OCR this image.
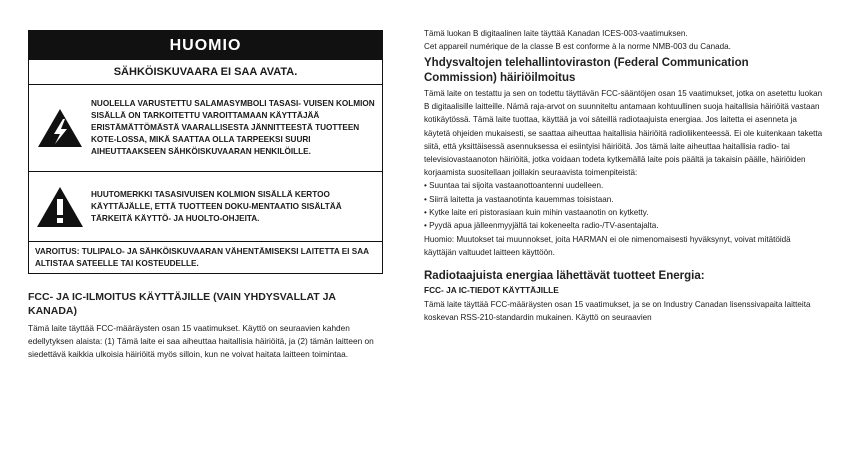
HUOMIO
SÄHKÖISKUVAARA EI SAA AVATA.
NUOLELLA VARUSTETTU SALAMASYMBOLI TASASI- VUISEN KOLMION SISÄLLÄ ON TARKOITETTU VAROITTAMAAN KÄYTTÄJÄÄ ERISTÄMÄTTÖMÄSTÄ VAARALLISESTA JÄNNITTEESTÄ TUOTTEEN KOTE-LOSSA, MIKÄ SAATTAA OLLA TARPEEKSI SUURI AIHEUTTAAKSEEN SÄHKÖISKUVAARAN HENKILÖILLE.
HUUTOMERKKI TASASIVUISEN KOLMION SISÄLLÄ KERTOO KÄYTTÄJÄLLE, ETTÄ TUOTTEEN DOKU-MENTAATIO SISÄLTÄÄ TÄRKEITÄ KÄYTTÖ- JA HUOLTO-OHJEITA.
VAROITUS: TULIPALO- JA SÄHKÖISKUVAARAN VÄHENTÄMISEKSI LAITETTA EI SAA ALTISTAA SATEELLE TAI KOSTEUDELLE.
FCC- JA IC-ILMOITUS KÄYTTÄJILLE (VAIN YHDYSVALLAT JA KANADA)

Tämä laite täyttää FCC-määräysten osan 15 vaatimukset. Käyttö on seuraavien kahden edellytyksen alaista: (1) Tämä laite ei saa aiheuttaa haitallisia häiriöitä, ja (2) tämän laitteen on siedettävä kaikkia ulkoisia häiriöitä myös silloin, kun ne voivat haitata laitteen toimintaa.

Tämä luokan B digitaalinen laite täyttää Kanadan ICES-003-vaatimuksen.

Cet appareil numérique de la classe B est conforme à la norme NMB-003 du Canada.

Yhdysvaltojen telehallintoviraston (Federal Communication Commission) häiriöilmoitus

Tämä laite on testattu ja sen on todettu täyttävän FCC-sääntöjen osan 15 vaatimukset, jotka on asetettu luokan B digitaalisille laitteille. Nämä raja-arvot on suunniteltu antamaan kohtuullinen suoja haitallisia häiriöitä vastaan kotikäytössä. Tämä laite tuottaa, käyttää ja voi säteillä radiotaajuista energiaa. Jos laitetta ei asenneta ja käytetä ohjeiden mukaisesti, se saattaa aiheuttaa haitallisia häiriöitä radioliikenteessä. Ei ole kuitenkaan taketta siitä, että yksittäisessä asennuksessa ei esiintyisi häiriöitä. Jos tämä laite aiheuttaa haitallisia radio- tai televisiovastaanoton häiriöitä, jotka voidaan todeta kytkemällä laite pois päältä ja takaisin päälle, häiriöiden korjaamista suositellaan joillakin seuraavista toimenpiteistä:

• Suuntaa tai sijoita vastaanottoantenni uudelleen.
• Siirrä laitetta ja vastaanotinta kauemmas toisistaan.
• Kytke laite eri pistorasiaan kuin mihin vastaanotin on kytketty.
• Pyydä apua jälleenmyyjältä tai kokeneelta radio-/TV-asentajalta.

Huomio: Muutokset tai muunnokset, joita HARMAN ei ole nimenomaisesti hyväksynyt, voivat mitätöidä käyttäjän valtuudet laitteen käyttöön.

Radiotaajuista energiaa lähettävät tuotteet Energia:

FCC- JA IC-TIEDOT KÄYTTÄJILLE

Tämä laite täyttää FCC-määräysten osan 15 vaatimukset, ja se on Industry Canadan lisenssivapaita laitteita koskevan RSS-210-standardin mukainen. Käyttö on seuraavien
